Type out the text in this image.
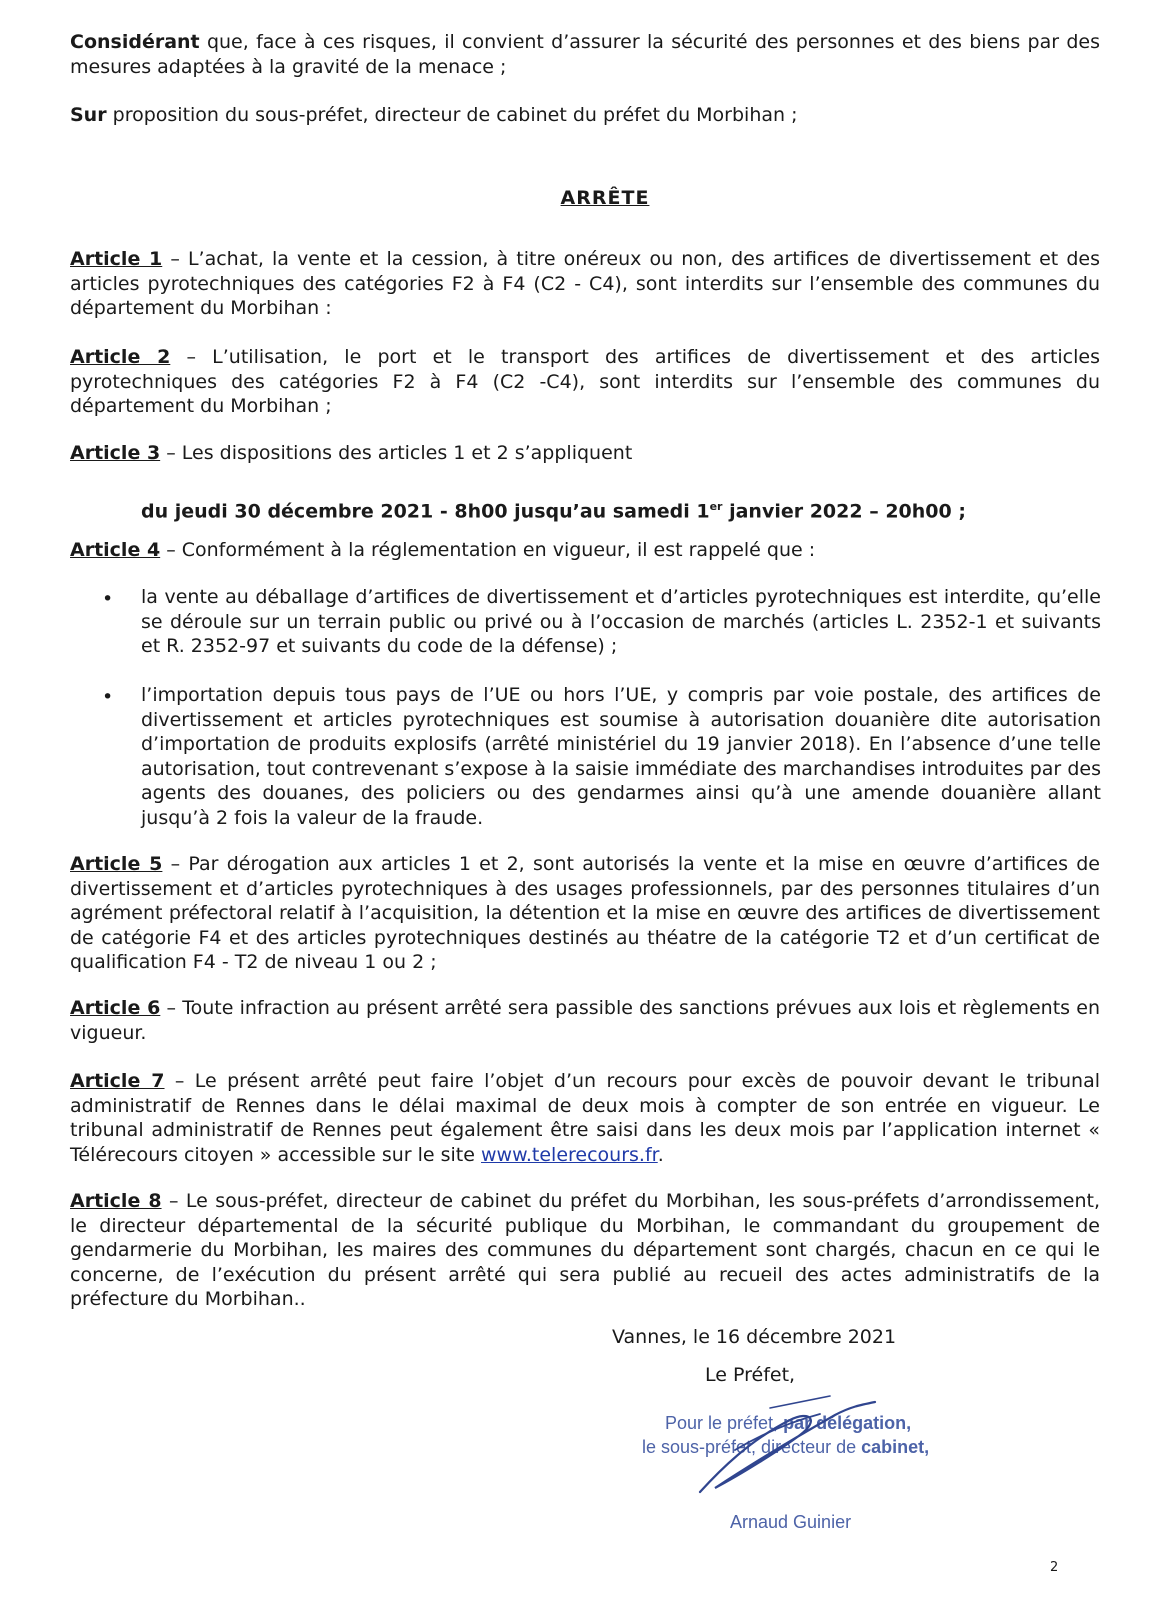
Considérant que, face à ces risques, il convient d’assurer la sécurité des personnes et des biens par des mesures adaptées à la gravité de la menace ;
Sur proposition du sous-préfet, directeur de cabinet du préfet du Morbihan ;
ARRÊTE
Article 1 – L’achat, la vente et la cession, à titre onéreux ou non, des artifices de divertissement et des articles pyrotechniques des catégories F2 à F4 (C2 - C4), sont interdits sur l’ensemble des communes du département du Morbihan :
Article 2 – L’utilisation, le port et le transport des artifices de divertissement et des articles pyrotechniques des catégories F2 à F4 (C2 -C4), sont interdits sur l’ensemble des communes du département du Morbihan ;
Article 3 – Les dispositions des articles 1 et 2 s’appliquent
du jeudi 30 décembre 2021 - 8h00 jusqu’au samedi 1er janvier 2022 – 20h00 ;
Article 4 – Conformément à la réglementation en vigueur, il est rappelé que :
• la vente au déballage d’artifices de divertissement et d’articles pyrotechniques est interdite, qu’elle se déroule sur un terrain public ou privé ou à l’occasion de marchés (articles L. 2352-1 et suivants et R. 2352-97 et suivants du code de la défense) ;
• l’importation depuis tous pays de l’UE ou hors l’UE, y compris par voie postale, des artifices de divertissement et articles pyrotechniques est soumise à autorisation douanière dite autorisation d’importation de produits explosifs (arrêté ministériel du 19 janvier 2018). En l’absence d’une telle autorisation, tout contrevenant s’expose à la saisie immédiate des marchandises introduites par des agents des douanes, des policiers ou des gendarmes ainsi qu’à une amende douanière allant jusqu’à 2 fois la valeur de la fraude.
Article 5 – Par dérogation aux articles 1 et 2, sont autorisés la vente et la mise en œuvre d’artifices de divertissement et d’articles pyrotechniques à des usages professionnels, par des personnes titulaires d’un agrément préfectoral relatif à l’acquisition, la détention et la mise en œuvre des artifices de divertissement de catégorie F4 et des articles pyrotechniques destinés au théatre de la catégorie T2 et d’un certificat de qualification F4 - T2 de niveau 1 ou 2 ;
Article 6 – Toute infraction au présent arrêté sera passible des sanctions prévues aux lois et règlements en vigueur.
Article 7 – Le présent arrêté peut faire l’objet d’un recours pour excès de pouvoir devant le tribunal administratif de Rennes dans le délai maximal de deux mois à compter de son entrée en vigueur. Le tribunal administratif de Rennes peut également être saisi dans les deux mois par l’application internet « Télérecours citoyen » accessible sur le site www.telerecours.fr.
Article 8 – Le sous-préfet, directeur de cabinet du préfet du Morbihan, les sous-préfets d’arrondissement, le directeur départemental de la sécurité publique du Morbihan, le commandant du groupement de gendarmerie du Morbihan, les maires des communes du département sont chargés, chacun en ce qui le concerne, de l’exécution du présent arrêté qui sera publié au recueil des actes administratifs de la préfecture du Morbihan..
Vannes, le 16 décembre 2021
Le Préfet,
Pour le préfet, par délégation,
le sous-préfet, directeur de cabinet,
Arnaud Guinier
2
